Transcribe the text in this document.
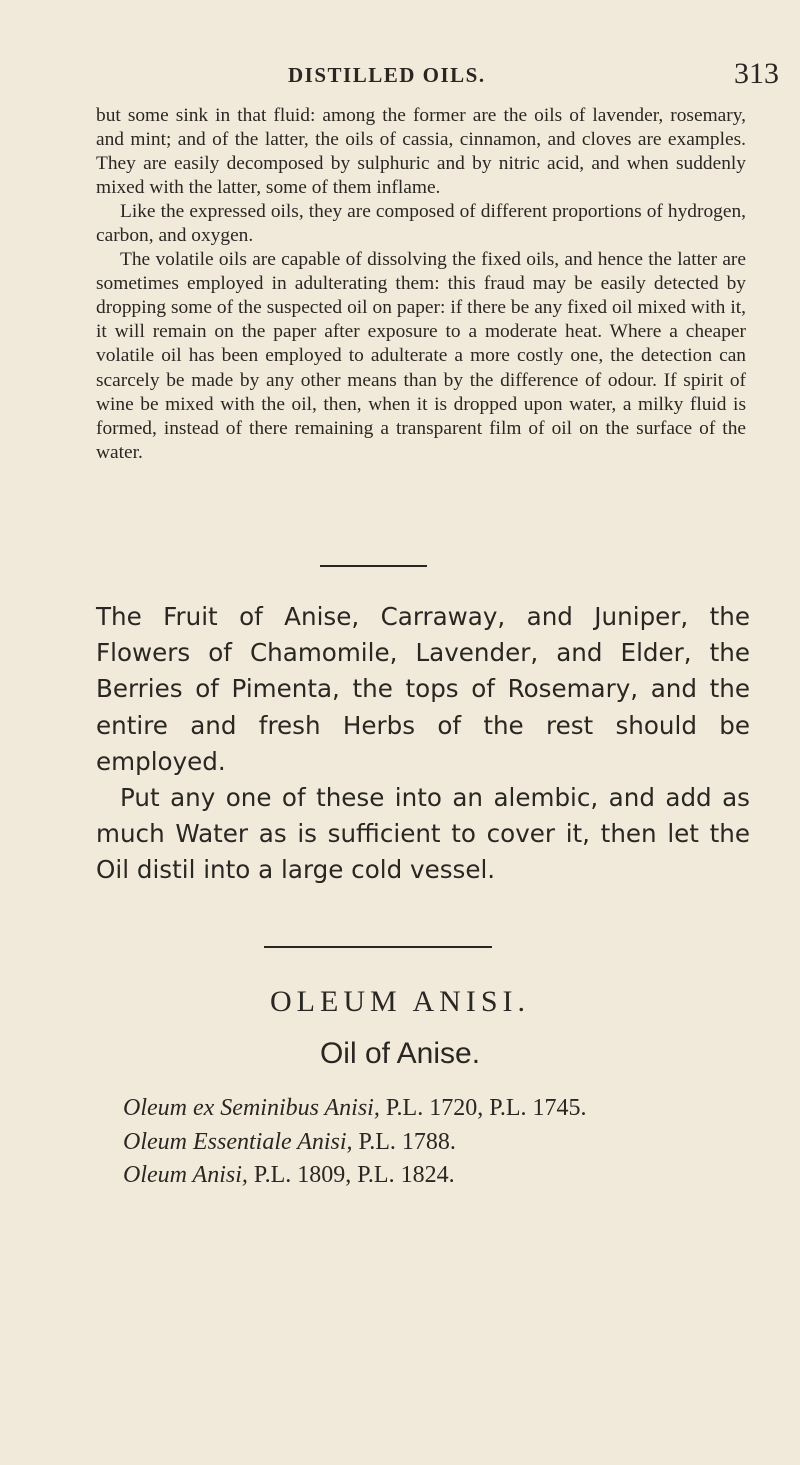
DISTILLED OILS.	313

but some sink in that fluid: among the former are the oils of lavender, rosemary, and mint; and of the latter, the oils of cassia, cinnamon, and cloves are examples. They are easily decomposed by sulphuric and by nitric acid, and when suddenly mixed with the latter, some of them inflame.

Like the expressed oils, they are composed of different proportions of hydrogen, carbon, and oxygen.

The volatile oils are capable of dissolving the fixed oils, and hence the latter are sometimes employed in adulterating them: this fraud may be easily detected by dropping some of the suspected oil on paper: if there be any fixed oil mixed with it, it will remain on the paper after exposure to a moderate heat. Where a cheaper volatile oil has been employed to adulterate a more costly one, the detection can scarcely be made by any other means than by the difference of odour. If spirit of wine be mixed with the oil, then, when it is dropped upon water, a milky fluid is formed, instead of there remaining a transparent film of oil on the surface of the water.

The Fruit of Anise, Carraway, and Juniper, the Flowers of Chamomile, Lavender, and Elder, the Berries of Pimenta, the tops of Rosemary, and the entire and fresh Herbs of the rest should be employed.

Put any one of these into an alembic, and add as much Water as is sufficient to cover it, then let the Oil distil into a large cold vessel.

OLEUM ANISI.
Oil of Anise.
Oleum ex Seminibus Anisi, P.L. 1720, P.L. 1745.
Oleum Essentiale Anisi, P.L. 1788.
Oleum Anisi, P.L. 1809, P.L. 1824.
